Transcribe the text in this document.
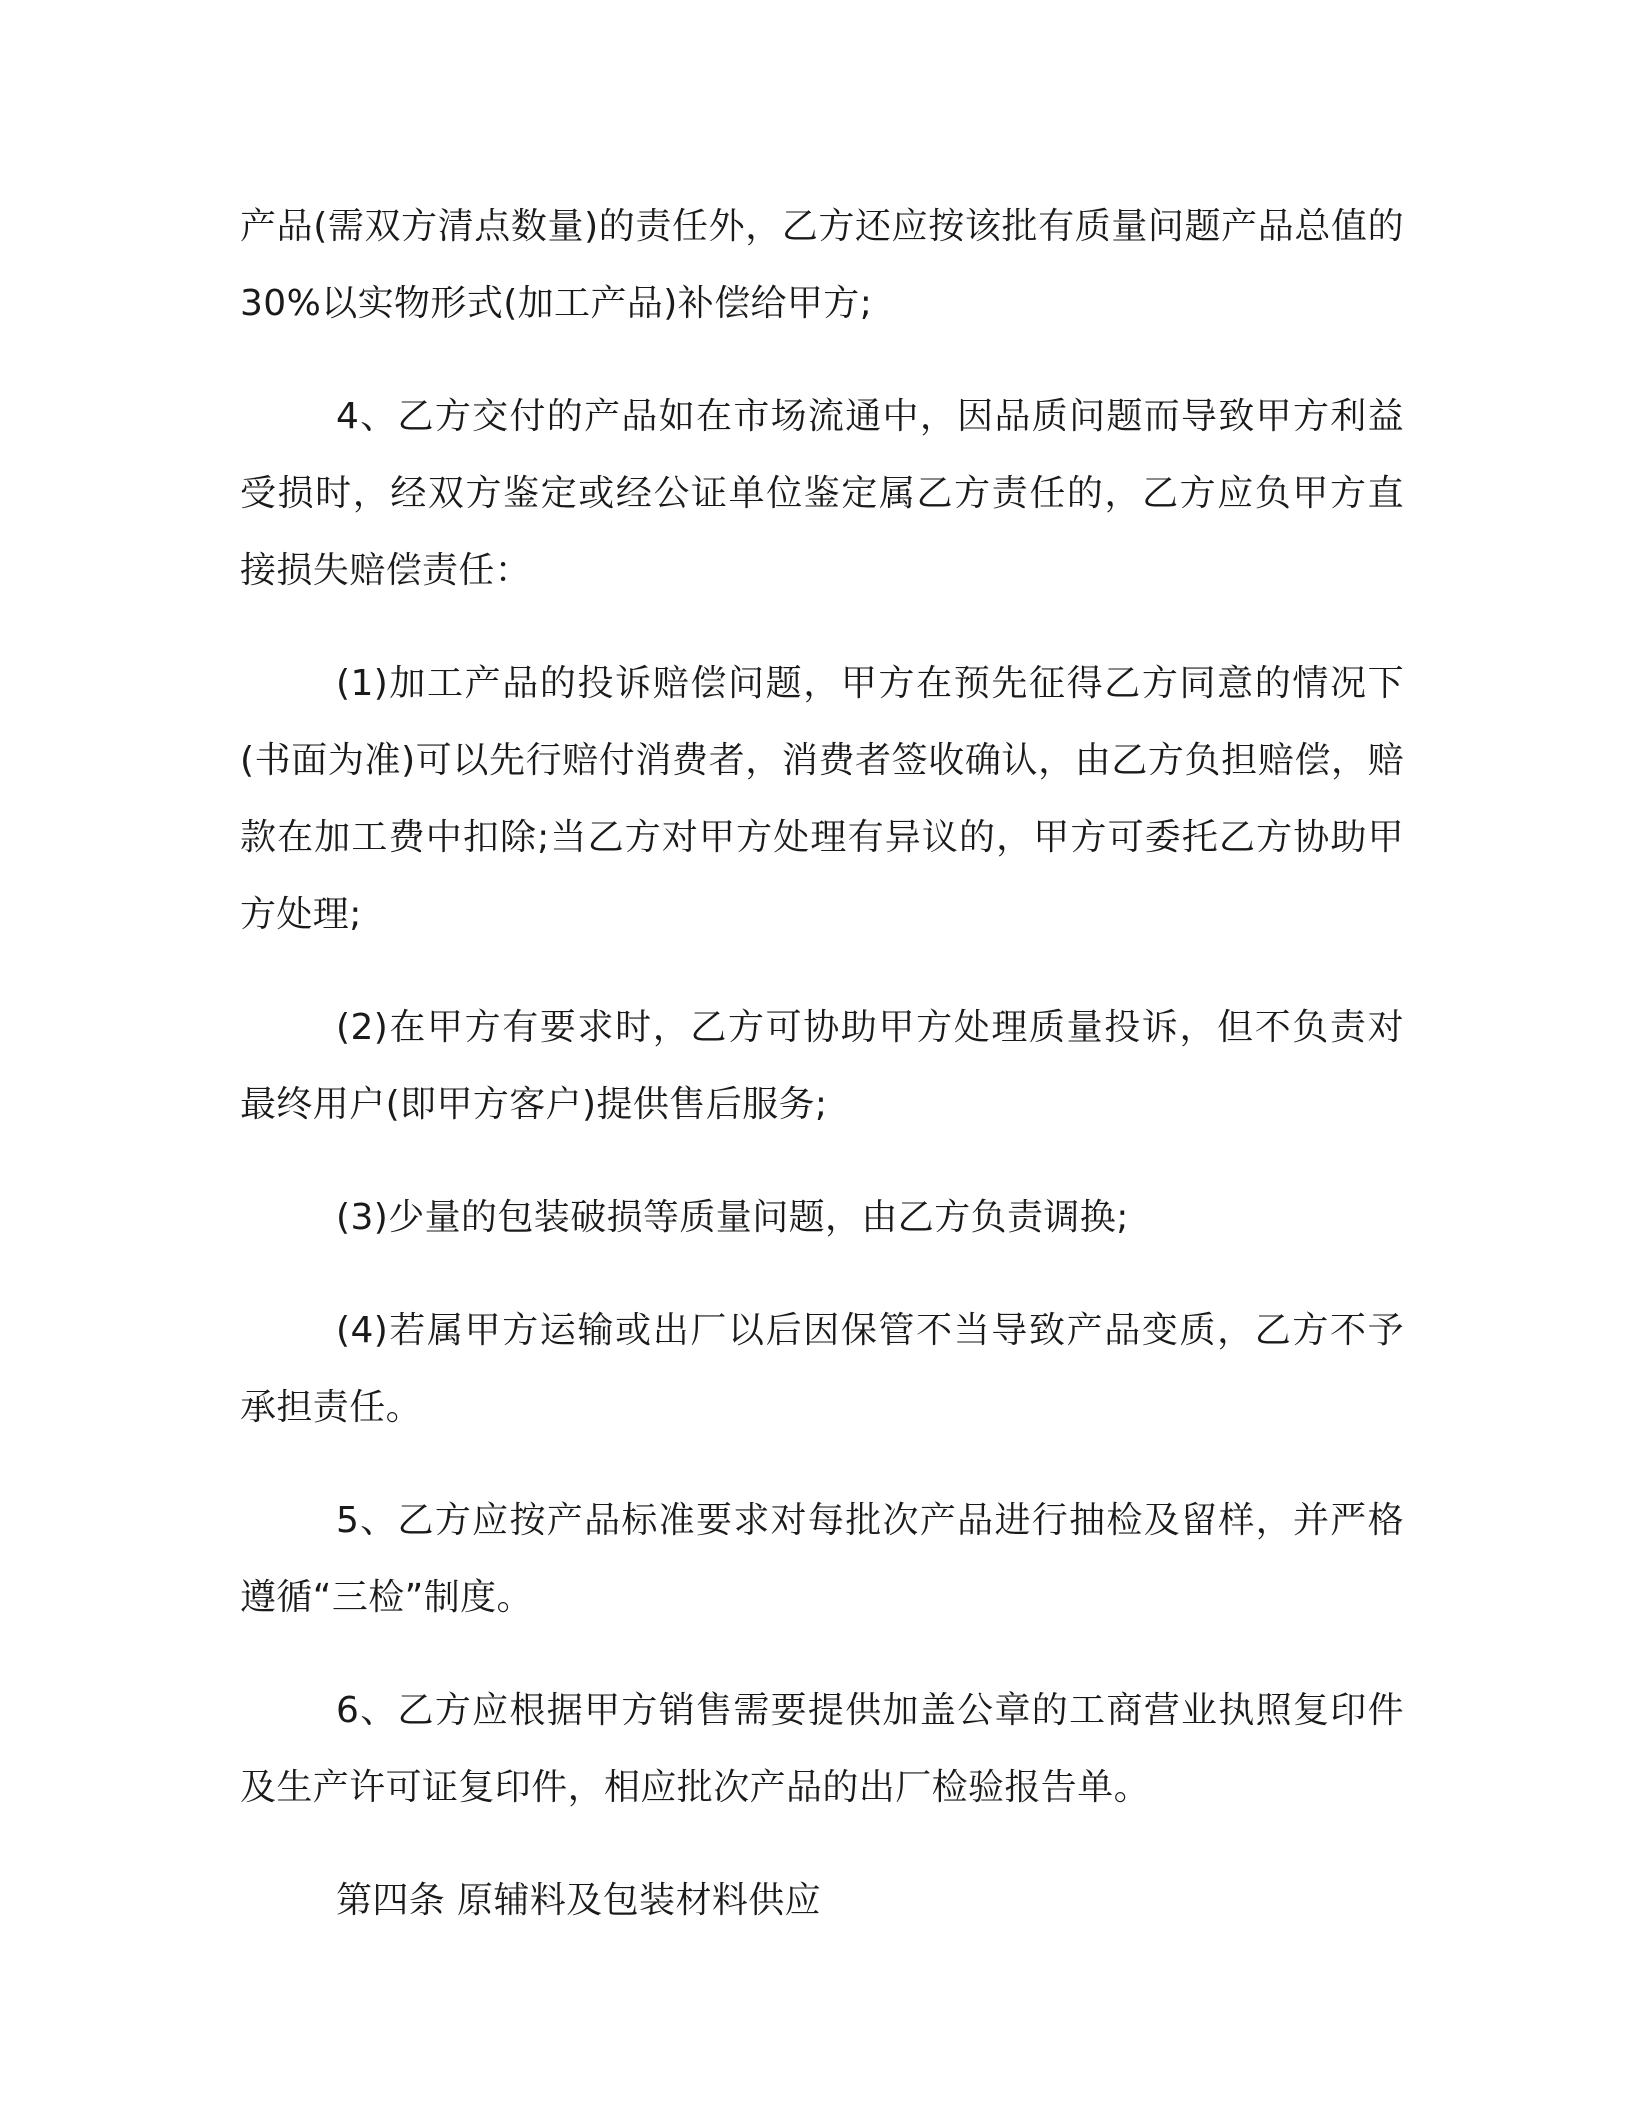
产品(需双方清点数量)的责任外，乙方还应按该批有质量问题产品总值的 30%以实物形式(加工产品)补偿给甲方;

4、乙方交付的产品如在市场流通中，因品质问题而导致甲方利益受损时，经双方鉴定或经公证单位鉴定属乙方责任的，乙方应负甲方直接损失赔偿责任：

(1)加工产品的投诉赔偿问题，甲方在预先征得乙方同意的情况下(书面为准)可以先行赔付消费者，消费者签收确认，由乙方负担赔偿，赔款在加工费中扣除;当乙方对甲方处理有异议的，甲方可委托乙方协助甲方处理;

(2)在甲方有要求时，乙方可协助甲方处理质量投诉，但不负责对最终用户(即甲方客户)提供售后服务;

(3)少量的包装破损等质量问题，由乙方负责调换;

(4)若属甲方运输或出厂以后因保管不当导致产品变质，乙方不予承担责任。

5、乙方应按产品标准要求对每批次产品进行抽检及留样，并严格遵循“三检”制度。

6、乙方应根据甲方销售需要提供加盖公章的工商营业执照复印件及生产许可证复印件，相应批次产品的出厂检验报告单。

第四条 原辅料及包装材料供应
